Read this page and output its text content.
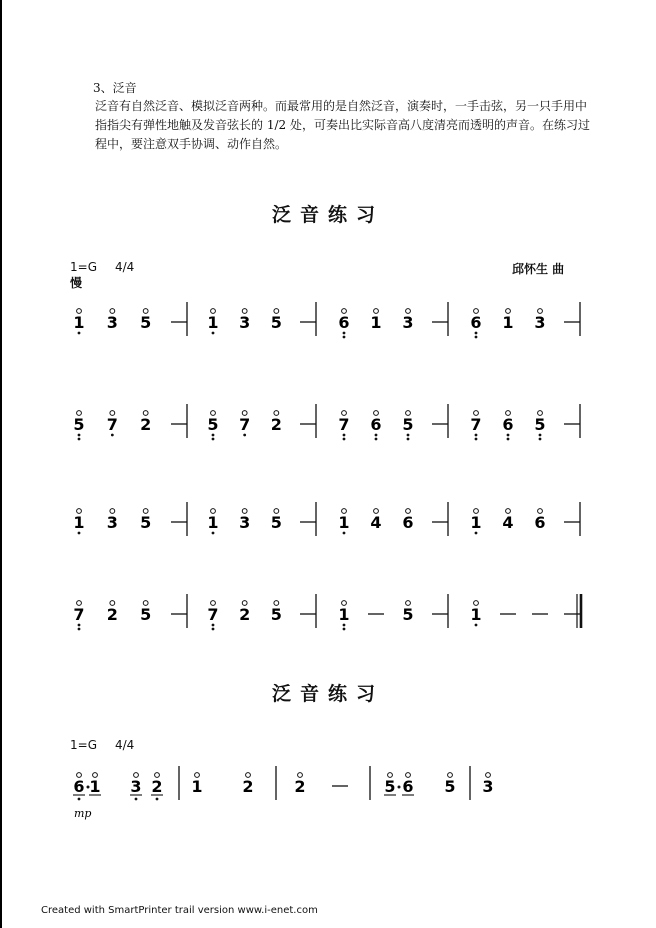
3、泛音
泛音有自然泛音、模拟泛音两种。而最常用的是自然泛音，演奏时，一手击弦，另一只手用中
指指尖有弹性地触及发音弦长的 1/2 处，可奏出比实际音高八度清亮而透明的声音。在练习过
程中，要注意双手协调、动作自然。
泛音练习
1=G 4/4
慢
邱怀生 曲
1 3 5	1 3 5	6 1 3	6 1 3
5 7 2	5 7 2	7 6 5	7 6 5
1 3 5	1 3 5	1 4 6	1 4 6
7 2 5	7 2 5	1	5	1
泛音练习
1=G 4/4
6 1 3 2 1 2	2	5 6 5 3
mp
Created with SmartPrinter trail version www.i-enet.com
